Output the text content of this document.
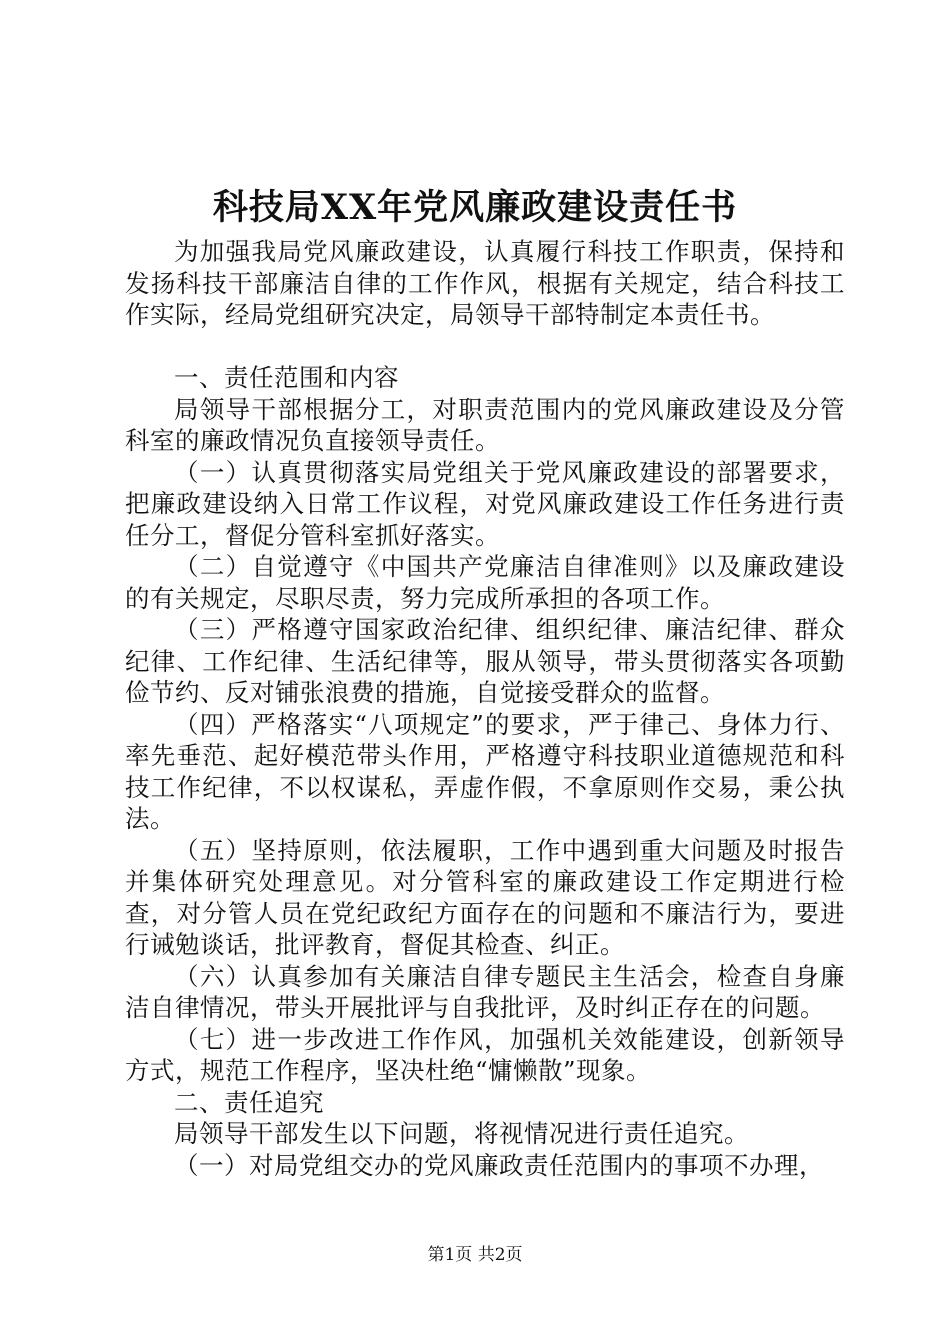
科技局XX年党风廉政建设责任书

为加强我局党风廉政建设，认真履行科技工作职责，保持和发扬科技干部廉洁自律的工作作风，根据有关规定，结合科技工作实际，经局党组研究决定，局领导干部特制定本责任书。

一、责任范围和内容

局领导干部根据分工，对职责范围内的党风廉政建设及分管科室的廉政情况负直接领导责任。

（一）认真贯彻落实局党组关于党风廉政建设的部署要求，把廉政建设纳入日常工作议程，对党风廉政建设工作任务进行责任分工，督促分管科室抓好落实。

（二）自觉遵守《中国共产党廉洁自律准则》以及廉政建设的有关规定，尽职尽责，努力完成所承担的各项工作。

（三）严格遵守国家政治纪律、组织纪律、廉洁纪律、群众纪律、工作纪律、生活纪律等，服从领导，带头贯彻落实各项勤俭节约、反对铺张浪费的措施，自觉接受群众的监督。

（四）严格落实“八项规定”的要求，严于律己、身体力行、率先垂范、起好模范带头作用，严格遵守科技职业道德规范和科技工作纪律，不以权谋私，弄虚作假，不拿原则作交易，秉公执法。

（五）坚持原则，依法履职，工作中遇到重大问题及时报告并集体研究处理意见。对分管科室的廉政建设工作定期进行检查，对分管人员在党纪政纪方面存在的问题和不廉洁行为，要进行诫勉谈话，批评教育，督促其检查、纠正。

（六）认真参加有关廉洁自律专题民主生活会，检查自身廉洁自律情况，带头开展批评与自我批评，及时纠正存在的问题。

（七）进一步改进工作作风，加强机关效能建设，创新领导方式，规范工作程序，坚决杜绝“慵懒散”现象。

二、责任追究

局领导干部发生以下问题，将视情况进行责任追究。

（一）对局党组交办的党风廉政责任范围内的事项不办理，

第1页 共2页
